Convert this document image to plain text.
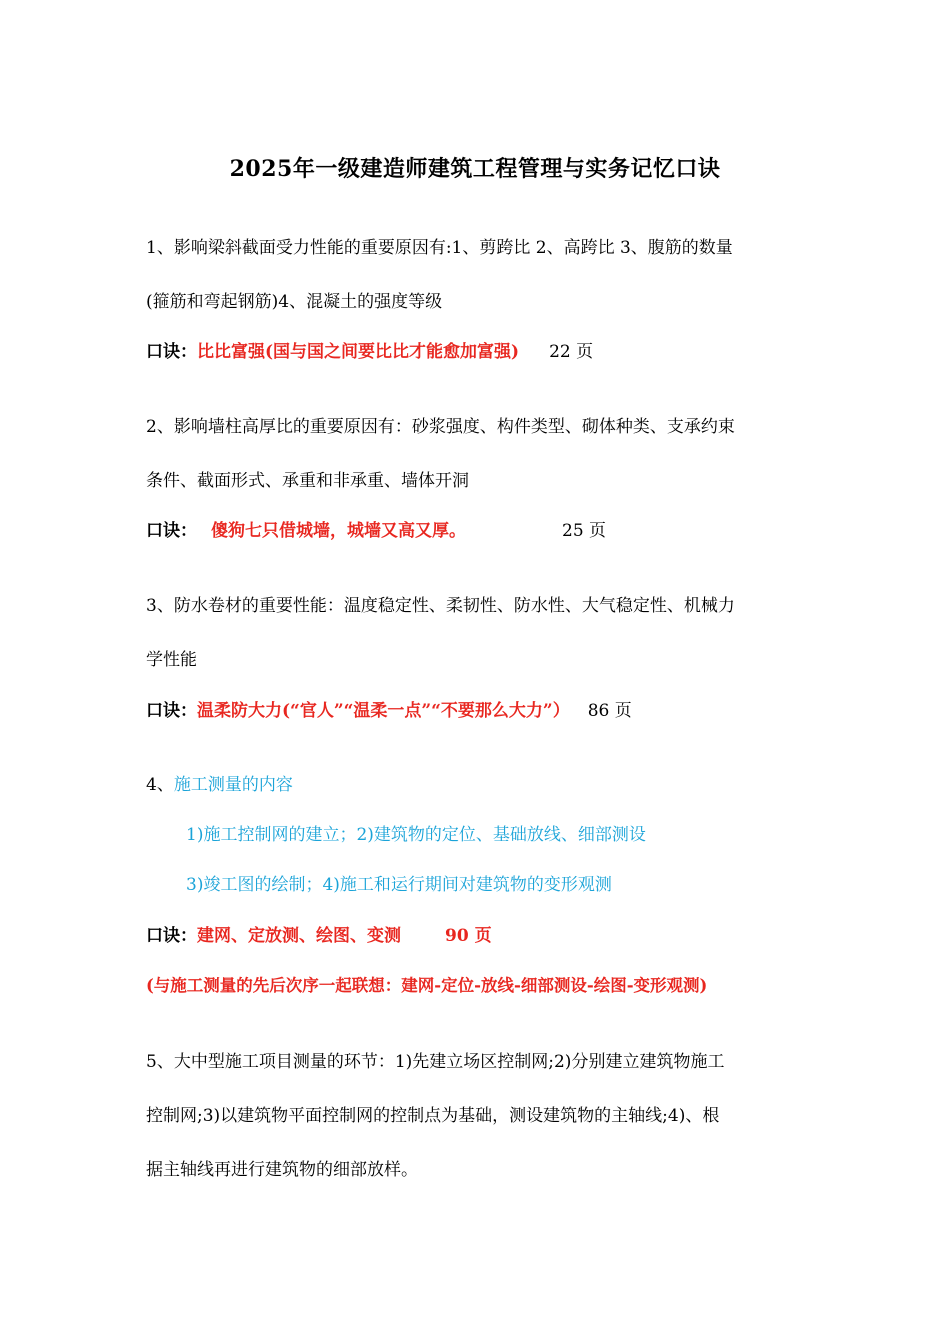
2025年一级建造师建筑工程管理与实务记忆口诀
1、影响梁斜截面受力性能的重要原因有:1、剪跨比 2、高跨比 3、腹筋的数量
(箍筋和弯起钢筋)4、混凝土的强度等级
口诀：比比富强(国与国之间要比比才能愈加富强) 22 页
2、影响墙柱高厚比的重要原因有：砂浆强度、构件类型、砌体种类、支承约束
条件、截面形式、承重和非承重、墙体开洞
口诀： 傻狗七只借城墙，城墙又高又厚。	25 页
3、防水卷材的重要性能：温度稳定性、柔韧性、防水性、大气稳定性、机械力
学性能
口诀：温柔防大力(“官人”“温柔一点”“不要那么大力”） 86 页
4、施工测量的内容
1)施工控制网的建立；2)建筑物的定位、基础放线、细部测设
3)竣工图的绘制；4)施工和运行期间对建筑物的变形观测
口诀：建网、定放测、绘图、变测	90 页
(与施工测量的先后次序一起联想：建网-定位-放线-细部测设-绘图-变形观测)
5、大中型施工项目测量的环节：1)先建立场区控制网;2)分别建立建筑物施工
控制网;3)以建筑物平面控制网的控制点为基础，测设建筑物的主轴线;4)、根
据主轴线再进行建筑物的细部放样。
